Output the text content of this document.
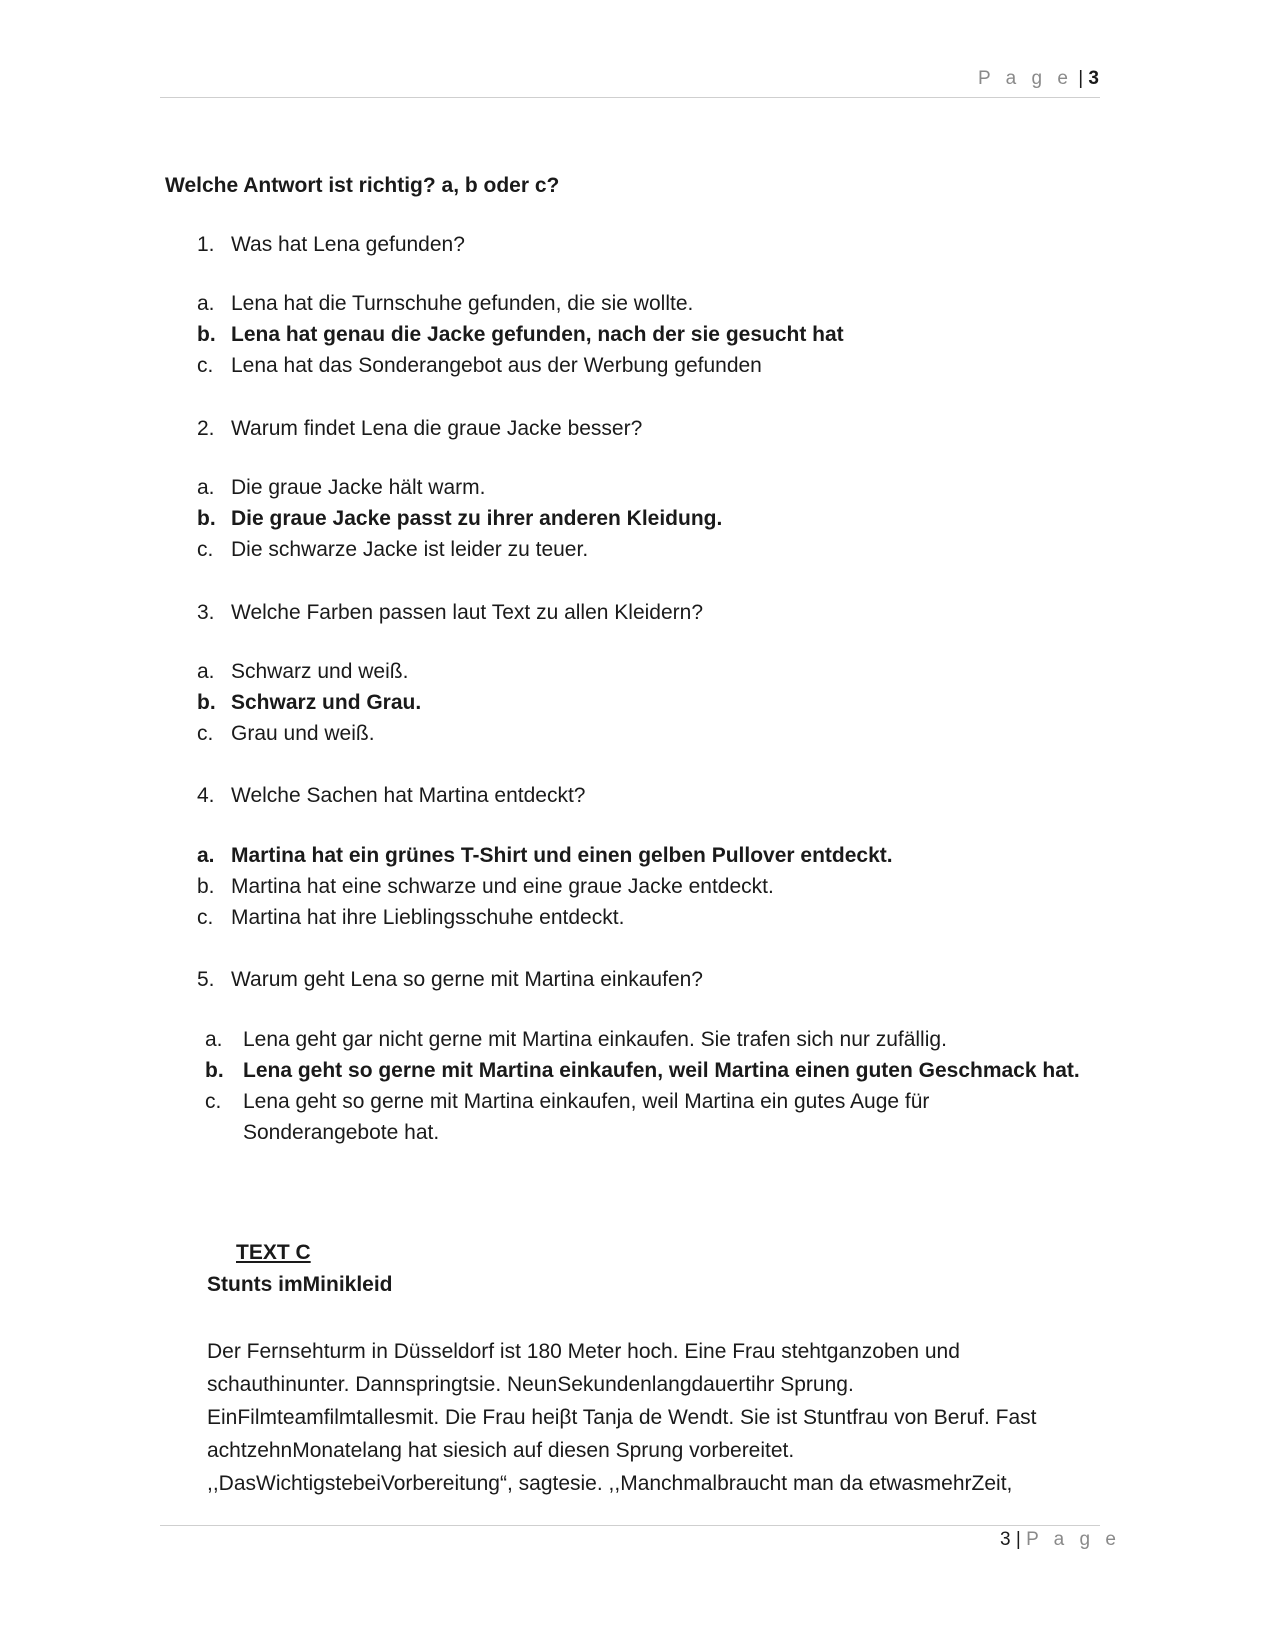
P a g e | 3
Welche Antwort ist richtig? a, b oder c?
1. Was hat Lena gefunden?
a. Lena hat die Turnschuhe gefunden, die sie wollte.
b. Lena hat genau die Jacke gefunden, nach der sie gesucht hat
c. Lena hat das Sonderangebot aus der Werbung gefunden
2. Warum findet Lena die graue Jacke besser?
a. Die graue Jacke hält warm.
b. Die graue Jacke passt zu ihrer anderen Kleidung.
c. Die schwarze Jacke ist leider zu teuer.
3. Welche Farben passen laut Text zu allen Kleidern?
a. Schwarz und weiß.
b. Schwarz und Grau.
c. Grau und weiß.
4. Welche Sachen hat Martina entdeckt?
a. Martina hat ein grünes T-Shirt und einen gelben Pullover entdeckt.
b. Martina hat eine schwarze und eine graue Jacke entdeckt.
c. Martina hat ihre Lieblingsschuhe entdeckt.
5. Warum geht Lena so gerne mit Martina einkaufen?
a. Lena geht gar nicht gerne mit Martina einkaufen. Sie trafen sich nur zufällig.
b. Lena geht so gerne mit Martina einkaufen, weil Martina einen guten Geschmack hat.
c.	Lena geht so gerne mit Martina einkaufen, weil Martina ein gutes Auge für
Sonderangebote hat.
TEXT C
Stunts imMinikleid
Der Fernsehturm in Düsseldorf ist 180 Meter hoch. Eine Frau stehtganzoben und schauthinunter. Dannspringtsie. NeunSekundenlangdauertihr Sprung. EinFilmteamfilmtallesmit. Die Frau heiβt Tanja de Wendt. Sie ist Stuntfrau von Beruf. Fast achtzehnMonatelang hat siesich auf diesen Sprung vorbereitet. ,,DasWichtigstebeiVorbereitung“, sagtesie. ,,Manchmalbraucht man da etwasmehrZeit,
3 | P a g e
